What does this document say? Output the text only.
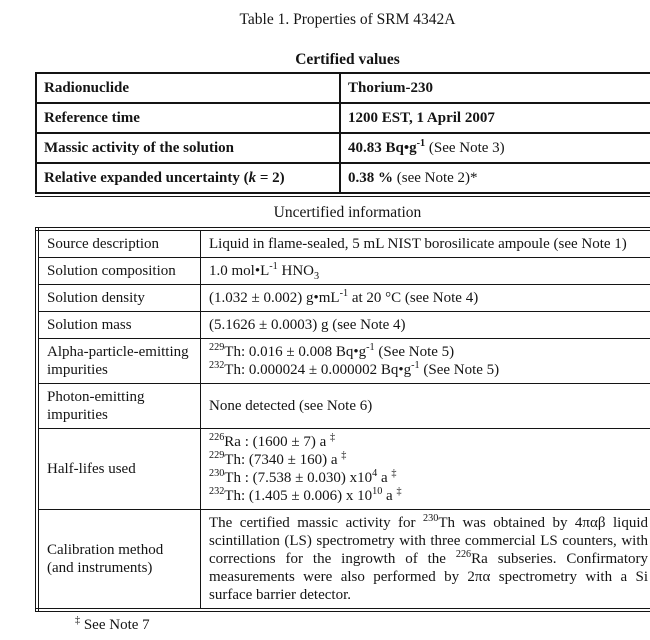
Table 1. Properties of SRM 4342A
Certified values
Radionuclide	Thorium-230
Reference time	1200 EST, 1 April 2007
Massic activity of the solution	40.83 $Bq•g^{-1}$ (See Note 3)
Relative expanded uncertainty (k = 2)	0.38 % (see Note 2)*
Uncertified information
Source description	Liquid in flame-sealed, 5 mL NIST borosilicate ampoule (see Note 1)

Solution composition	1.0 $mol•L^{-1}$ $HNO_3$

Solution density	(1.032 ± 0.002) $g•mL^{-1}$ at 20 °C (see Note 4)

Solution mass	(5.1626 ± 0.0003) g (see Note 4)

Alpha-particle-emitting impurities	$^{229}$Th: 0.016 ± 0.008 $Bq•g^{-1}$ (See Note 5)
$^{232}$Th: 0.000024 ± 0.000002 $Bq•g^{-1}$ (See Note 5)

Photon-emitting impurities	None detected (see Note 6)

Half-lifes used	$^{226}$Ra : (1600 ± 7) a ‡
$^{229}$Th: (7340 ± 160) a ‡
$^{230}$Th : (7.538 ± 0.030) $x10^4$ a ‡
$^{232}$Th: (1.405 ± 0.006) x $10^{10}$ a ‡

Calibration method (and instruments)	The certified massic activity for $^{230}$Th was obtained by 4παβ liquid scintillation (LS) spectrometry with three commercial LS counters, with corrections for the ingrowth of the $^{226}$Ra subseries. Confirmatory measurements were also performed by 2πα spectrometry with a Si surface barrier detector.
‡ See Note 7
